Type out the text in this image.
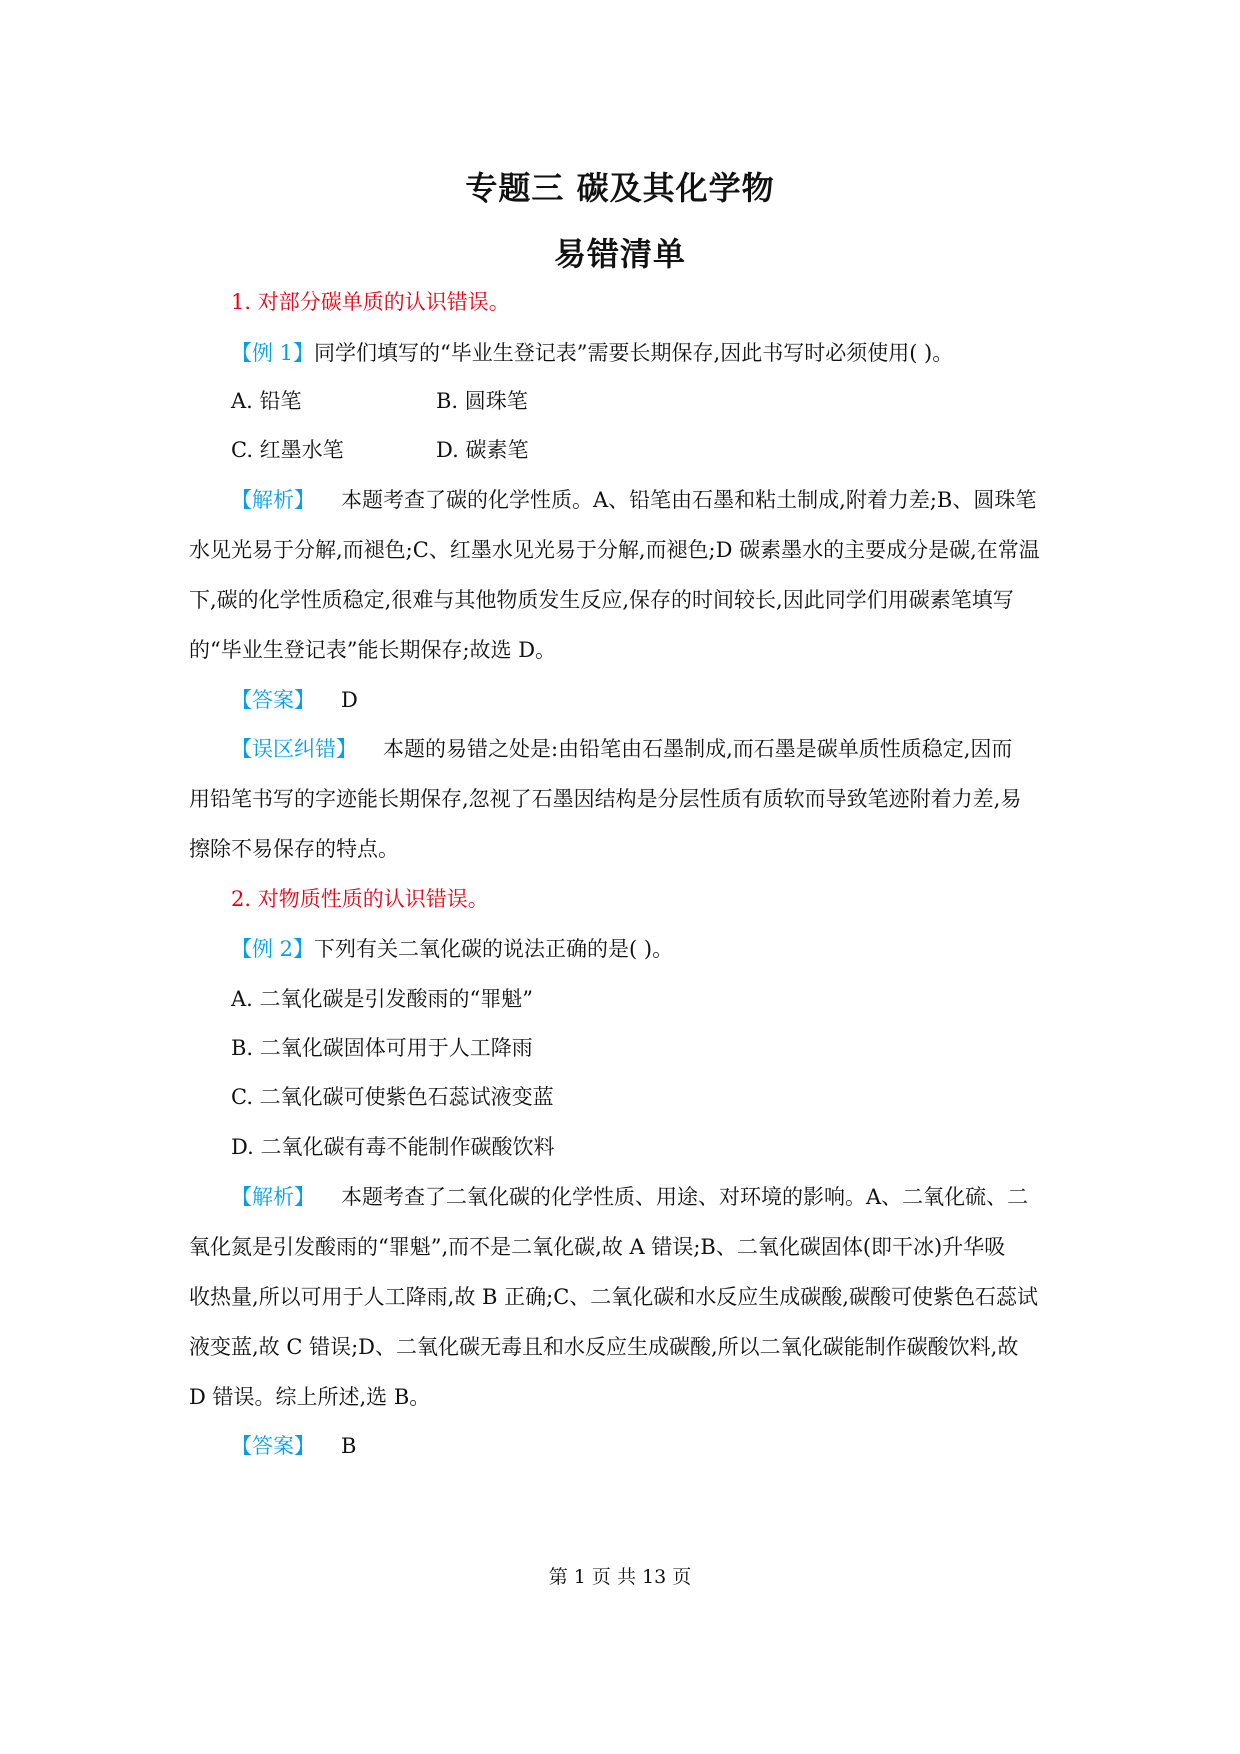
专题三 碳及其化学物
易错清单

1. 对部分碳单质的认识错误。

【例 1】同学们填写的“毕业生登记表”需要长期保存,因此书写时必须使用( )。

A. 铅笔	B. 圆珠笔
C. 红墨水笔	D. 碳素笔

【解析】 本题考查了碳的化学性质。A、铅笔由石墨和粘土制成,附着力差;B、圆珠笔

水见光易于分解,而褪色;C、红墨水见光易于分解,而褪色;D 碳素墨水的主要成分是碳,在常温

下,碳的化学性质稳定,很难与其他物质发生反应,保存的时间较长,因此同学们用碳素笔填写

的“毕业生登记表”能长期保存;故选 D。

【答案】 D

【误区纠错】 本题的易错之处是:由铅笔由石墨制成,而石墨是碳单质性质稳定,因而

用铅笔书写的字迹能长期保存,忽视了石墨因结构是分层性质有质软而导致笔迹附着力差,易

擦除不易保存的特点。

2. 对物质性质的认识错误。

【例 2】下列有关二氧化碳的说法正确的是( )。

A. 二氧化碳是引发酸雨的“罪魁”

B. 二氧化碳固体可用于人工降雨

C. 二氧化碳可使紫色石蕊试液变蓝

D. 二氧化碳有毒不能制作碳酸饮料

【解析】 本题考查了二氧化碳的化学性质、用途、对环境的影响。A、二氧化硫、二

氧化氮是引发酸雨的“罪魁”,而不是二氧化碳,故 A 错误;B、二氧化碳固体(即干冰)升华吸

收热量,所以可用于人工降雨,故 B 正确;C、二氧化碳和水反应生成碳酸,碳酸可使紫色石蕊试

液变蓝,故 C 错误;D、二氧化碳无毒且和水反应生成碳酸,所以二氧化碳能制作碳酸饮料,故

D 错误。综上所述,选 B。

【答案】 B

第 1 页 共 13 页
